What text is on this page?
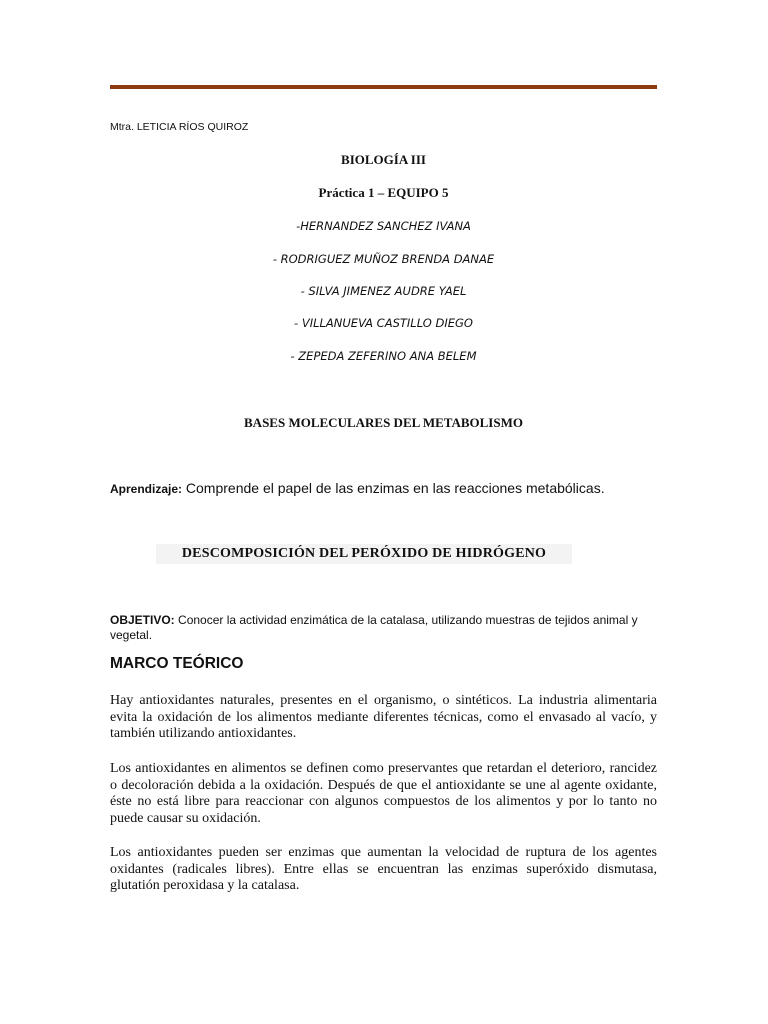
Mtra. LETICIA RÍOS QUIROZ
BIOLOGÍA III
Práctica 1 – EQUIPO 5
-HERNANDEZ SANCHEZ IVANA
- RODRIGUEZ MUÑOZ BRENDA DANAE
- SILVA JIMENEZ AUDRE YAEL
- VILLANUEVA CASTILLO DIEGO
- ZEPEDA ZEFERINO ANA BELEM
BASES MOLECULARES DEL METABOLISMO
Aprendizaje: Comprende el papel de las enzimas en las reacciones metabólicas.
DESCOMPOSICIÓN DEL PERÓXIDO DE HIDRÓGENO
OBJETIVO: Conocer la actividad enzimática de la catalasa, utilizando muestras de tejidos animal y vegetal.
MARCO TEÓRICO
Hay antioxidantes naturales, presentes en el organismo, o sintéticos. La industria alimentaria evita la oxidación de los alimentos mediante diferentes técnicas, como el envasado al vacío, y también utilizando antioxidantes.
Los antioxidantes en alimentos se definen como preservantes que retardan el deterioro, rancidez o decoloración debida a la oxidación. Después de que el antioxidante se une al agente oxidante, éste no está libre para reaccionar con algunos compuestos de los alimentos y por lo tanto no puede causar su oxidación.
Los antioxidantes pueden ser enzimas que aumentan la velocidad de ruptura de los agentes oxidantes (radicales libres). Entre ellas se encuentran las enzimas superóxido dismutasa, glutatión peroxidasa y la catalasa.
